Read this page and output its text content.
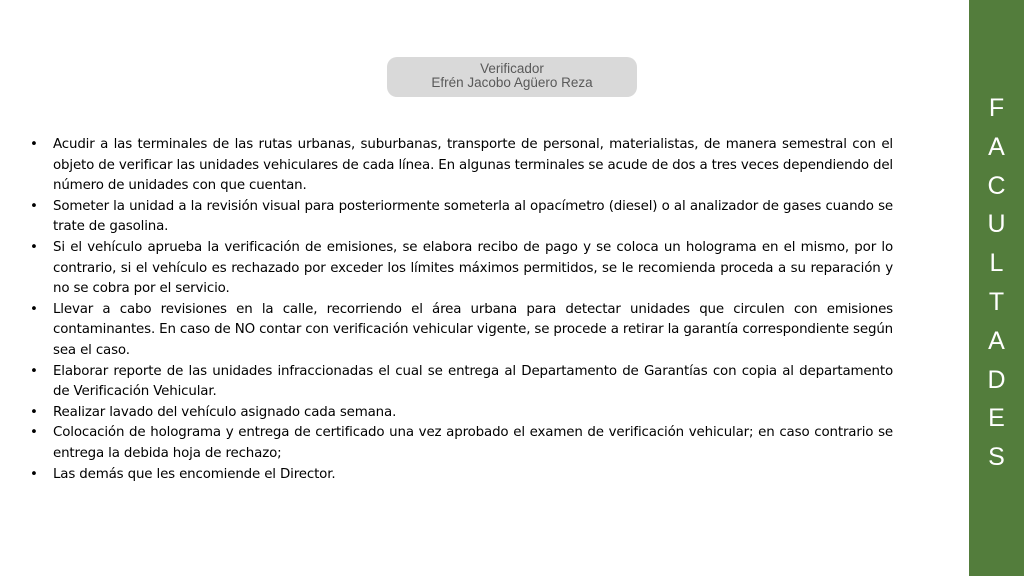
Verificador
Efrén Jacobo Agüero Reza
• Acudir a las terminales de las rutas urbanas, suburbanas, transporte de personal, materialistas, de manera semestral con el objeto de verificar las unidades vehiculares de cada línea. En algunas terminales se acude de dos a tres veces dependiendo del número de unidades con que cuentan.
• Someter la unidad a la revisión visual para posteriormente someterla al opacímetro (diesel) o al analizador de gases cuando se trate de gasolina.
• Si el vehículo aprueba la verificación de emisiones, se elabora recibo de pago y se coloca un holograma en el mismo, por lo contrario, si el vehículo es rechazado por exceder los límites máximos permitidos, se le recomienda proceda a su reparación y no se cobra por el servicio.
• Llevar a cabo revisiones en la calle, recorriendo el área urbana para detectar unidades que circulen con emisiones contaminantes. En caso de NO contar con verificación vehicular vigente, se procede a retirar la garantía correspondiente según sea el caso.
• Elaborar reporte de las unidades infraccionadas el cual se entrega al Departamento de Garantías con copia al departamento de Verificación Vehicular.
• Realizar lavado del vehículo asignado cada semana.
• Colocación de holograma y entrega de certificado una vez aprobado el examen de verificación vehicular; en caso contrario se entrega la debida hoja de rechazo;
• Las demás que les encomiende el Director.
F
A
C
U
L
T
A
D
E
S
